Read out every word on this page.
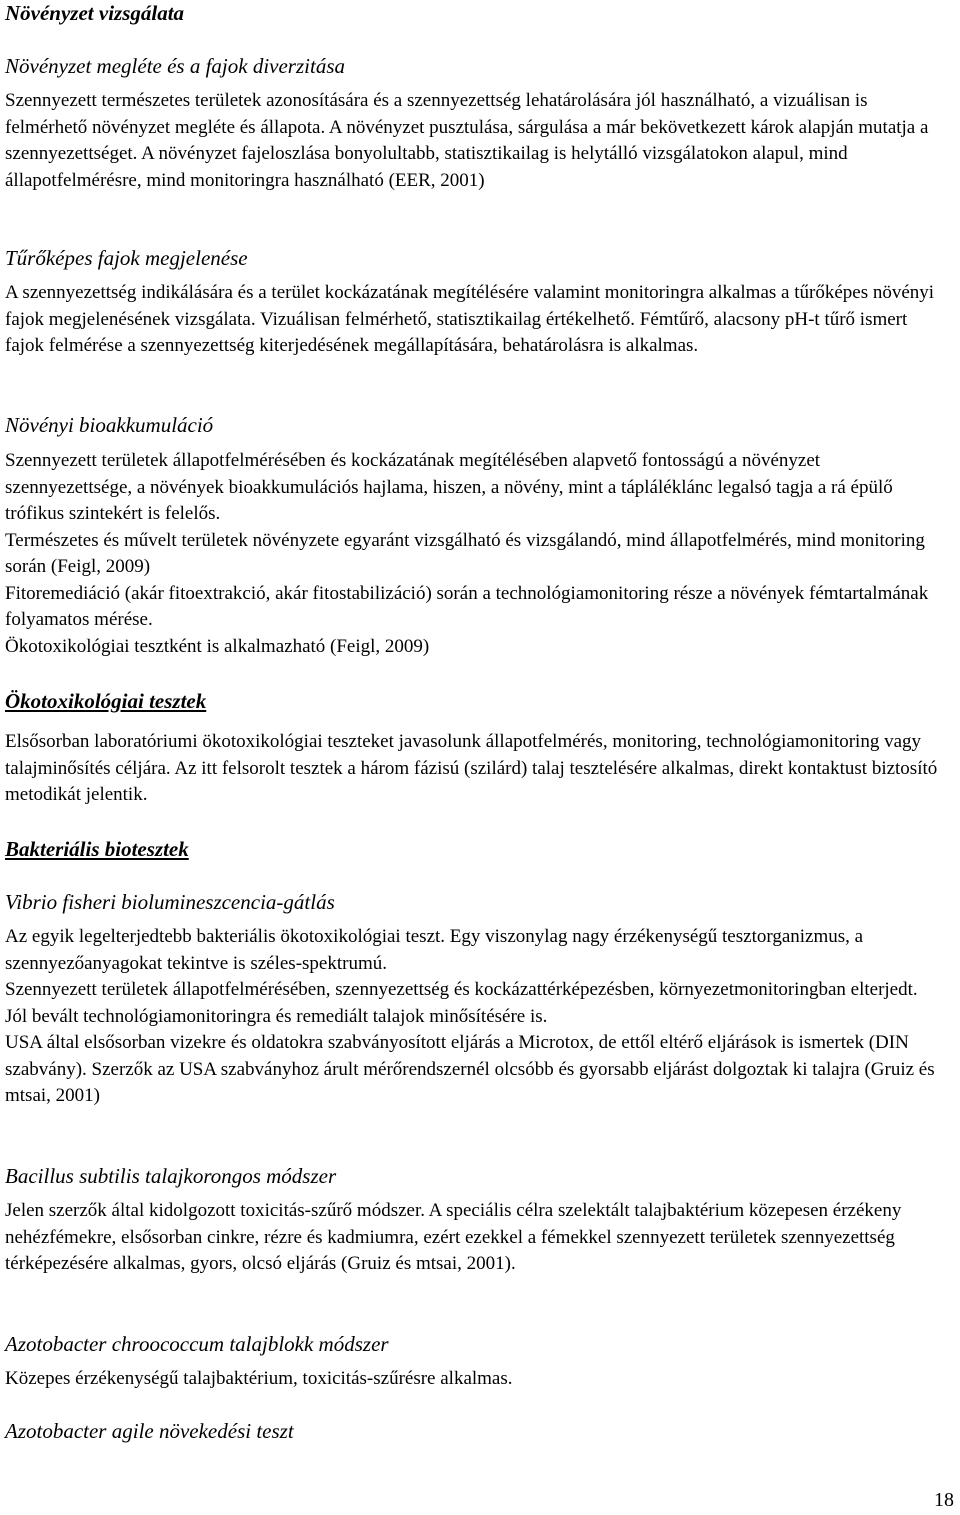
Növényzet vizsgálata
Növényzet megléte és a fajok diverzitása

Szennyezett természetes területek azonosítására és a szennyezettség lehatárolására jól használható, a vizuálisan is felmérhető növényzet megléte és állapota. A növényzet pusztulása, sárgulása a már bekövetkezett károk alapján mutatja a szennyezettséget. A növényzet fajeloszlása bonyolultabb, statisztikailag is helytálló vizsgálatokon alapul, mind állapotfelmérésre, mind monitoringra használható (EER, 2001)

Tűrőképes fajok megjelenése

A szennyezettség indikálására és a terület kockázatának megítélésére valamint monitoringra alkalmas a tűrőképes növényi fajok megjelenésének vizsgálata. Vizuálisan felmérhető, statisztikailag értékelhető. Fémtűrő, alacsony pH-t tűrő ismert fajok felmérése a szennyezettség kiterjedésének megállapítására, behatárolásra is alkalmas.

Növényi bioakkumuláció

Szennyezett területek állapotfelmérésében és kockázatának megítélésében alapvető fontosságú a növényzet szennyezettsége, a növények bioakkumulációs hajlama, hiszen, a növény, mint a tápláléklánc legalsó tagja a rá épülő trófikus szintekért is felelős.

Természetes és művelt területek növényzete egyaránt vizsgálható és vizsgálandó, mind állapotfelmérés, mind monitoring során (Feigl, 2009)

Fitoremediáció (akár fitoextrakció, akár fitostabilizáció) során a technológiamonitoring része a növények fémtartalmának folyamatos mérése.

Ökotoxikológiai tesztként is alkalmazható (Feigl, 2009)

Ökotoxikológiai tesztek

Elsősorban laboratóriumi ökotoxikológiai teszteket javasolunk állapotfelmérés, monitoring, technológiamonitoring vagy talajminősítés céljára. Az itt felsorolt tesztek a három fázisú (szilárd) talaj tesztelésére alkalmas, direkt kontaktust biztosító metodikát jelentik.

Bakteriális biotesztek
Vibrio fisheri biolumineszcencia-gátlás

Az egyik legelterjedtebb bakteriális ökotoxikológiai teszt. Egy viszonylag nagy érzékenységű tesztorganizmus, a szennyezőanyagokat tekintve is széles-spektrumú.

Szennyezett területek állapotfelmérésében, szennyezettség és kockázattérképezésben, környezetmonitoringban elterjedt.

Jól bevált technológiamonitoringra és remediált talajok minősítésére is.

USA által elsősorban vizekre és oldatokra szabványosított eljárás a Microtox, de ettől eltérő eljárások is ismertek (DIN szabvány). Szerzők az USA szabványhoz árult mérőrendszernél olcsóbb és gyorsabb eljárást dolgoztak ki talajra (Gruiz és mtsai, 2001)

Bacillus subtilis talajkorongos módszer

Jelen szerzők által kidolgozott toxicitás-szűrő módszer. A speciális célra szelektált talajbaktérium közepesen érzékeny nehézfémekre, elsősorban cinkre, rézre és kadmiumra, ezért ezekkel a fémekkel szennyezett területek szennyezettség térképezésére alkalmas, gyors, olcsó eljárás (Gruiz és mtsai, 2001).

Azotobacter chroococcum talajblokk módszer

Közepes érzékenységű talajbaktérium, toxicitás-szűrésre alkalmas.

Azotobacter agile növekedési teszt
18
